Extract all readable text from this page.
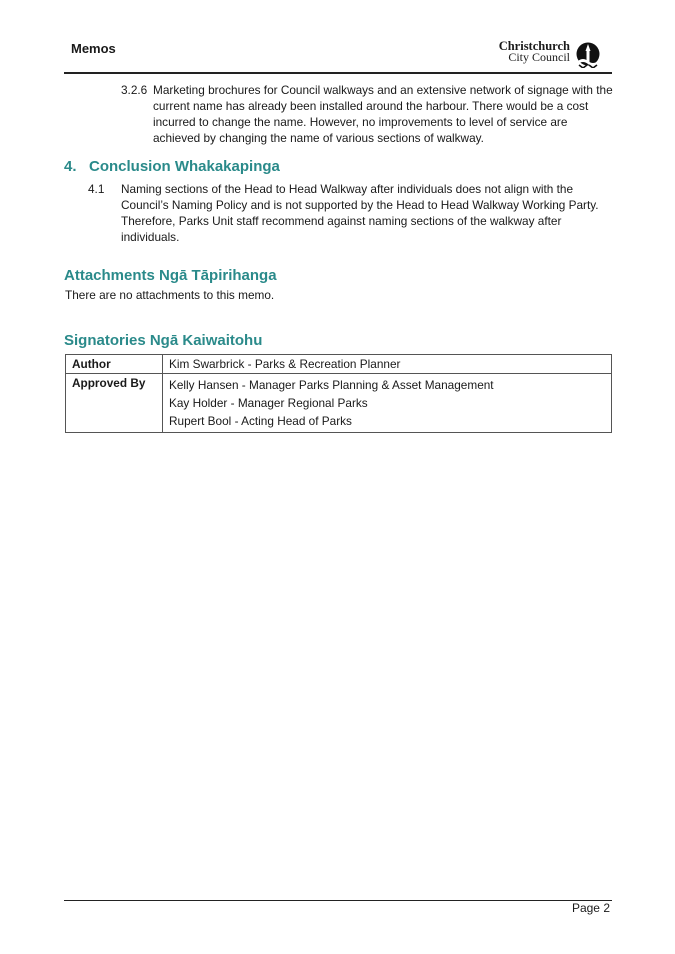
Memos	Christchurch
City Council
3.2.6 Marketing brochures for Council walkways and an extensive network of signage with the
current name has already been installed around the harbour. There would be a cost
incurred to change the name. However, no improvements to level of service are
achieved by changing the name of various sections of walkway.
4. Conclusion Whakakapinga
4.1 Naming sections of the Head to Head Walkway after individuals does not align with the
Council’s Naming Policy and is not supported by the Head to Head Walkway Working Party.
Therefore, Parks Unit staff recommend against naming sections of the walkway after
individuals.
Attachments Ngā Tāpirihanga
There are no attachments to this memo.
Signatories Ngā Kaiwaitohu
Author	Kim Swarbrick - Parks & Recreation Planner
Approved By	Kelly Hansen - Manager Parks Planning & Asset Management
Kay Holder - Manager Regional Parks
Rupert Bool - Acting Head of Parks
Page 2
